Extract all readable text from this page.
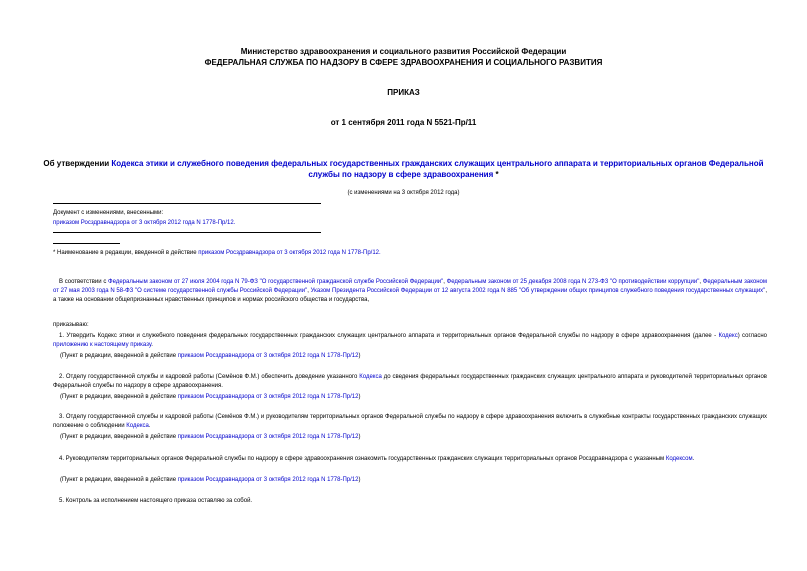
Министерство здравоохранения и социального развития Российской Федерации
ФЕДЕРАЛЬНАЯ СЛУЖБА ПО НАДЗОРУ В СФЕРЕ ЗДРАВООХРАНЕНИЯ И СОЦИАЛЬНОГО РАЗВИТИЯ
ПРИКАЗ
от 1 сентября 2011 года N 5521-Пр/11
Об утверждении Кодекса этики и служебного поведения федеральных государственных гражданских служащих центрального аппарата и территориальных органов Федеральной службы по надзору в сфере здравоохранения *
(с изменениями на 3 октября 2012 года)
Документ с изменениями, внесенными:
приказом Росздравнадзора от 3 октября 2012 года N 1778-Пр/12.
* Наименование в редакции, введенной в действие приказом Росздравнадзора от 3 октября 2012 года N 1778-Пр/12.
В соответствии с Федеральным законом от 27 июля 2004 года N 79-ФЗ "О государственной гражданской службе Российской Федерации", Федеральным законом от 25 декабря 2008 года N 273-ФЗ "О противодействии коррупции", Федеральным законом от 27 мая 2003 года N 58-ФЗ "О системе государственной службы Российской Федерации", Указом Президента Российской Федерации от 12 августа 2002 года N 885 "Об утверждении общих принципов служебного поведения государственных служащих", а также на основании общепризнанных нравственных принципов и нормах российского общества и государства,
приказываю:
1. Утвердить Кодекс этики и служебного поведения федеральных государственных гражданских служащих центрального аппарата и территориальных органов Федеральной службы по надзору в сфере здравоохранения (далее - Кодекс) согласно приложению к настоящему приказу.
(Пункт в редакции, введенной в действие приказом Росздравнадзора от 3 октября 2012 года N 1778-Пр/12)
2. Отделу государственной службы и кадровой работы (Семёнов Ф.М.) обеспечить доведение указанного Кодекса до сведения федеральных государственных гражданских служащих центрального аппарата и руководителей территориальных органов Федеральной службы по надзору в сфере здравоохранения.
(Пункт в редакции, введенной в действие приказом Росздравнадзора от 3 октября 2012 года N 1778-Пр/12)
3. Отделу государственной службы и кадровой работы (Семёнов Ф.М.) и руководителям территориальных органов Федеральной службы по надзору в сфере здравоохранения включить в служебные контракты государственных гражданских служащих положение о соблюдении Кодекса.
(Пункт в редакции, введенной в действие приказом Росздравнадзора от 3 октября 2012 года N 1778-Пр/12)
4. Руководителям территориальных органов Федеральной службы по надзору в сфере здравоохранения ознакомить государственных гражданских служащих территориальных органов Росздравнадзора с указанным Кодексом.
(Пункт в редакции, введенной в действие приказом Росздравнадзора от 3 октября 2012 года N 1778-Пр/12)
5. Контроль за исполнением настоящего приказа оставляю за собой.
